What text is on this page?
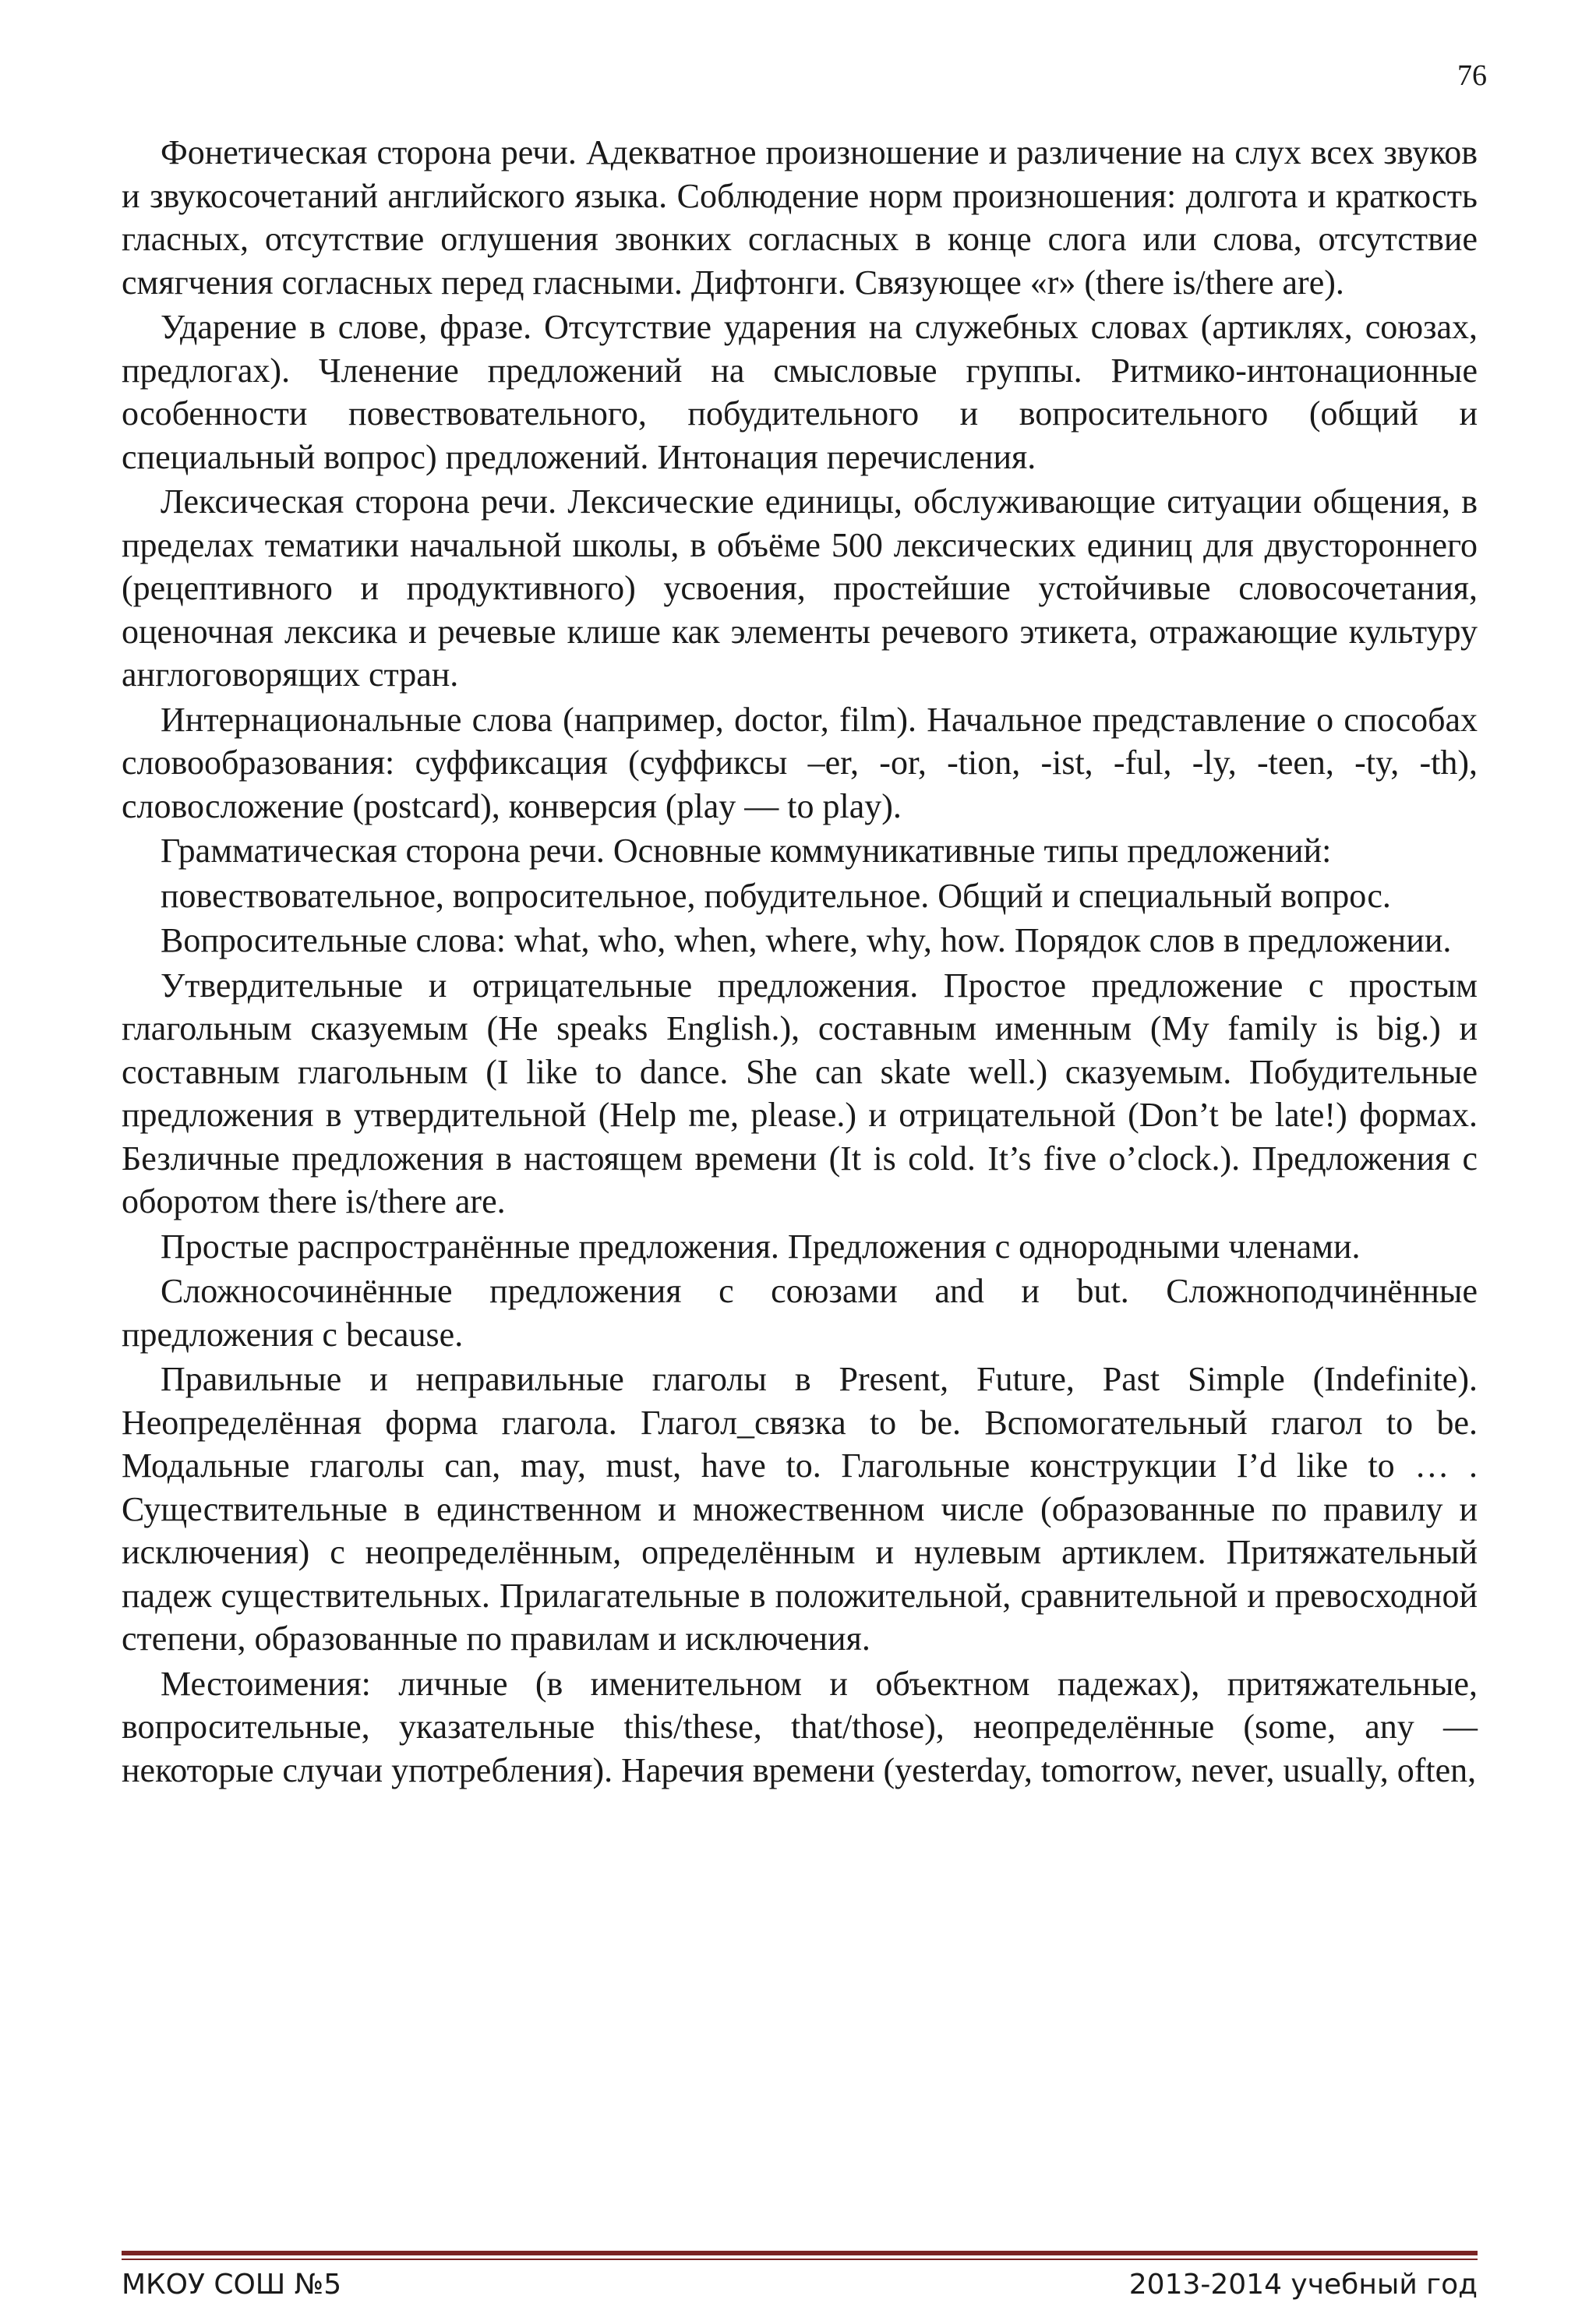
76

Фонетическая сторона речи. Адекватное произношение и различение на слух всех звуков и звукосочетаний английского языка. Соблюдение норм произношения: долгота и краткость гласных, отсутствие оглушения звонких согласных в конце слога или слова, отсутствие смягчения согласных перед гласными. Дифтонги. Связующее «r» (there is/there are).

Ударение в слове, фразе. Отсутствие ударения на служебных словах (артиклях, союзах, предлогах). Членение предложений на смысловые группы. Ритмико-интонационные особенности повествовательного, побудительного и вопросительного (общий и специальный вопрос) предложений. Интонация перечисления.

Лексическая сторона речи. Лексические единицы, обслуживающие ситуации общения, в пределах тематики начальной школы, в объёме 500 лексических единиц для двустороннего (рецептивного и продуктивного) усвоения, простейшие устойчивые словосочетания, оценочная лексика и речевые клише как элементы речевого этикета, отражающие культуру англоговорящих стран.

Интернациональные слова (например, doctor, film). Начальное представление о способах словообразования: суффиксация (суффиксы –er, -or, -tion, -ist, -ful, -ly, -teen, -ty, -th), словосложение (postcard), конверсия (play — to play).

Грамматическая сторона речи. Основные коммуникативные типы предложений:

повествовательное, вопросительное, побудительное. Общий и специальный вопрос.

Вопросительные слова: what, who, when, where, why, how. Порядок слов в предложении.

Утвердительные и отрицательные предложения. Простое предложение с простым глагольным сказуемым (He speaks English.), составным именным (My family is big.) и составным глагольным (I like to dance. She can skate well.) сказуемым. Побудительные предложения в утвердительной (Help me, please.) и отрицательной (Don’t be late!) формах. Безличные предложения в настоящем времени (It is cold. It’s five o’clock.). Предложения с оборотом there is/there are.

Простые распространённые предложения. Предложения с однородными членами.

Сложносочинённые предложения с союзами and и but. Сложноподчинённые предложения с because.

Правильные и неправильные глаголы в Present, Future, Past Simple (Indefinite). Неопределённая форма глагола. Глагол_связка to be. Вспомогательный глагол to be. Модальные глаголы can, may, must, have to. Глагольные конструкции I’d like to … . Существительные в единственном и множественном числе (образованные по правилу и исключения) с неопределённым, определённым и нулевым артиклем. Притяжательный падеж существительных. Прилагательные в положительной, сравнительной и превосходной степени, образованные по правилам и исключения.

Местоимения: личные (в именительном и объектном падежах), притяжательные, вопросительные, указательные this/these, that/those), неопределённые (some, any — некоторые случаи употребления). Наречия времени (yesterday, tomorrow, never, usually, often,

МКОУ СОШ №5	2013-2014 учебный год
